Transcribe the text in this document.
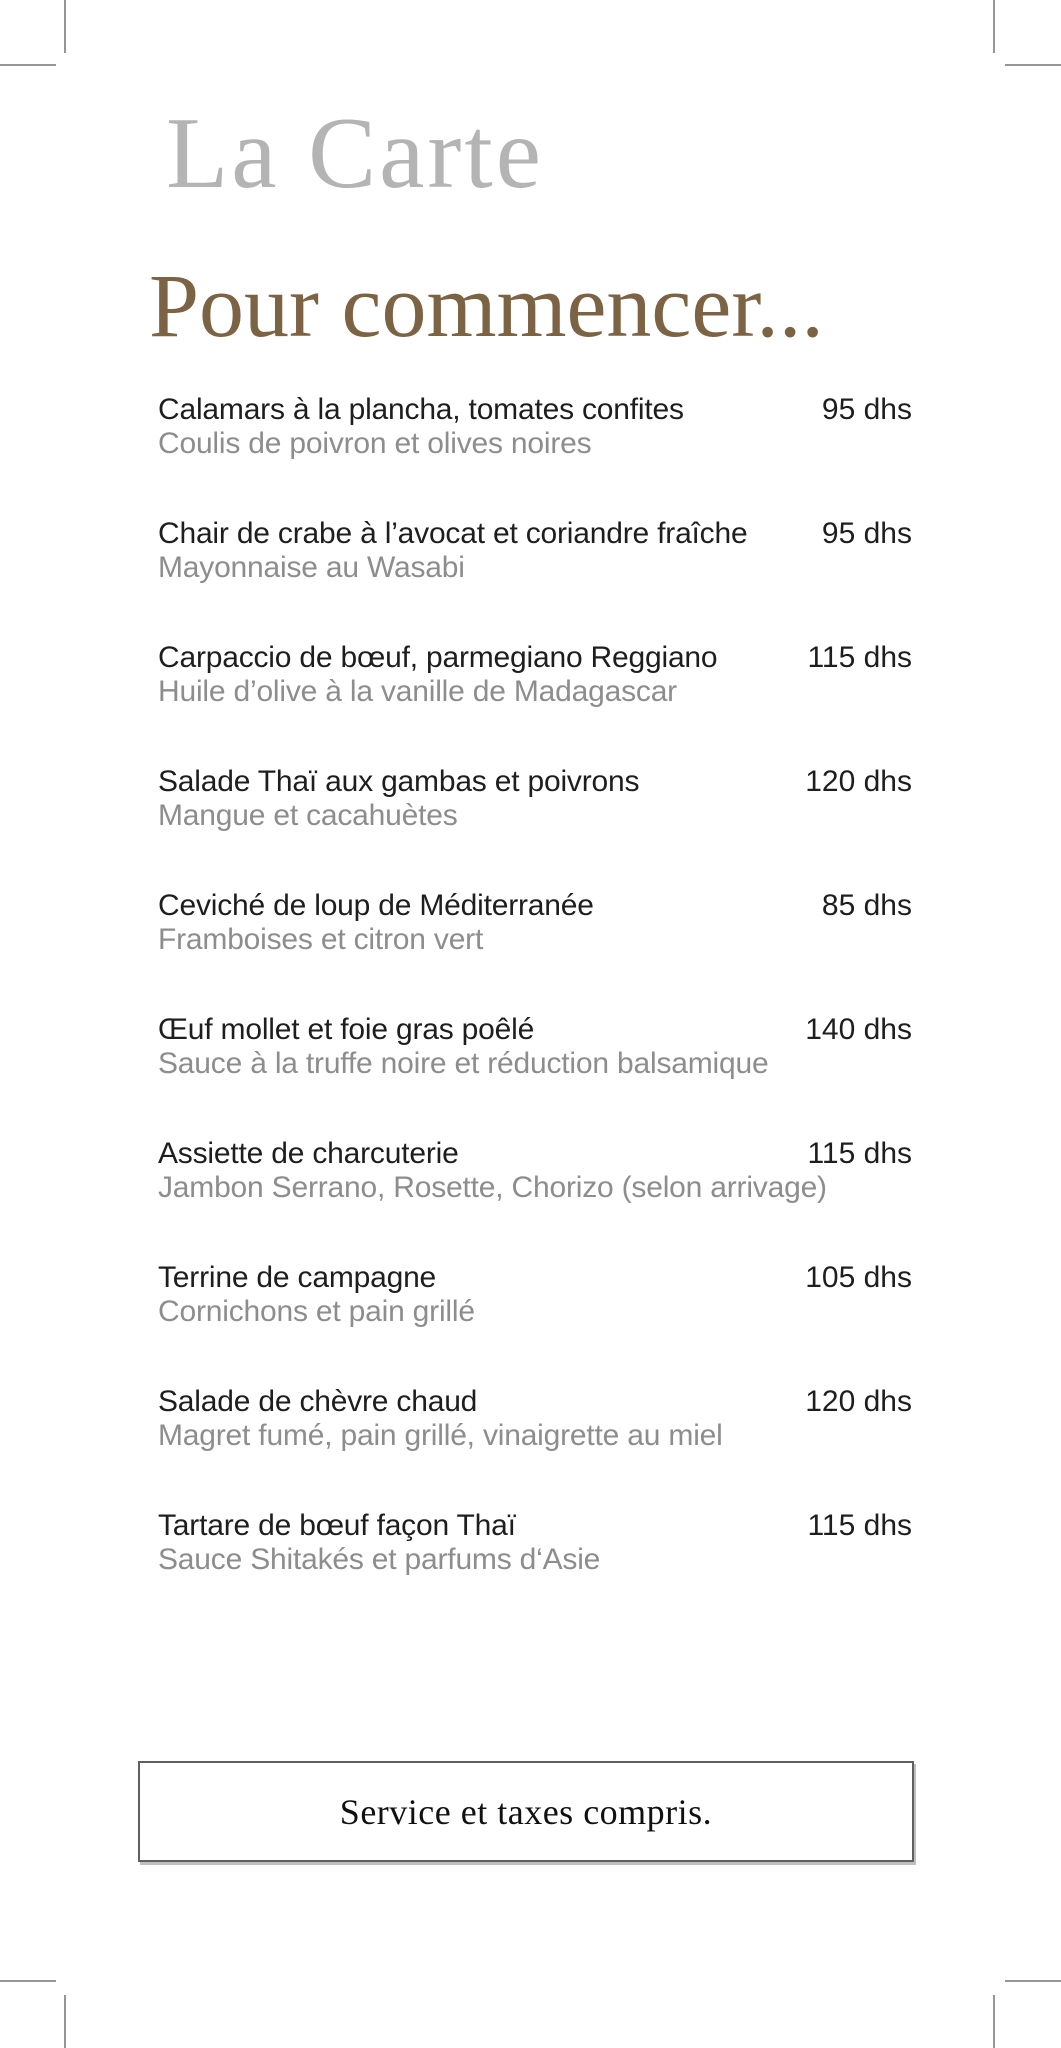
La Carte
Pour commencer...
Calamars à la plancha, tomates confites	95 dhs
Coulis de poivron et olives noires
Chair de crabe à l’avocat et coriandre fraîche 95 dhs
Mayonnaise au Wasabi
Carpaccio de bœuf, parmegiano Reggiano	115 dhs
Huile d’olive à la vanille de Madagascar
Salade Thaï aux gambas et poivrons	120 dhs
Mangue et cacahuètes
Ceviché de loup de Méditerranée	85 dhs
Framboises et citron vert
Œuf mollet et foie gras poêlé	140 dhs
Sauce à la truffe noire et réduction balsamique
Assiette de charcuterie	115 dhs
Jambon Serrano, Rosette, Chorizo (selon arrivage)
Terrine de campagne	105 dhs
Cornichons et pain grillé
Salade de chèvre chaud	120 dhs
Magret fumé, pain grillé, vinaigrette au miel
Tartare de bœuf façon Thaï	115 dhs
Sauce Shitakés et parfums d‘Asie
Service et taxes compris.
